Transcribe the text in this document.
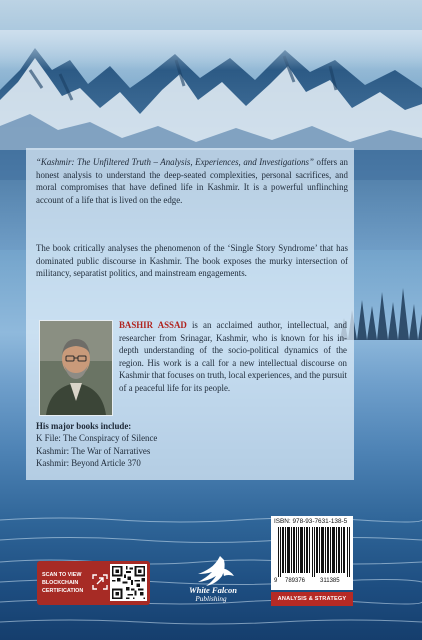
“Kashmir: The Unfiltered Truth – Analysis, Experiences, and Investigations” offers an honest analysis to understand the deep-seated complexities, personal sacrifices, and moral compromises that have defined life in Kashmir. It is a powerful unflinching account of a life that is lived on the edge.
The book critically analyses the phenomenon of the ‘Single Story Syndrome’ that has dominated public discourse in Kashmir. The book exposes the murky intersection of militancy, separatist politics, and mainstream engagements.
BASHIR ASSAD is an acclaimed author, intellectual, and researcher from Srinagar, Kashmir, who is known for his in-depth understanding of the socio-political dynamics of the region. His work is a call for a new intellectual discourse on Kashmir that focuses on truth, local experiences, and the pursuit of a peaceful life for its people.
His major books include:
K File: The Conspiracy of Silence
Kashmir: The War of Narratives
Kashmir: Beyond Article 370
ISBN: 978-93-7631-138-5
9 789376 311385
ANALYSIS & STRATEGY
SCAN TO VIEW
BLOCKCHAIN
CERTIFICATION	White Falcon
Publishing
